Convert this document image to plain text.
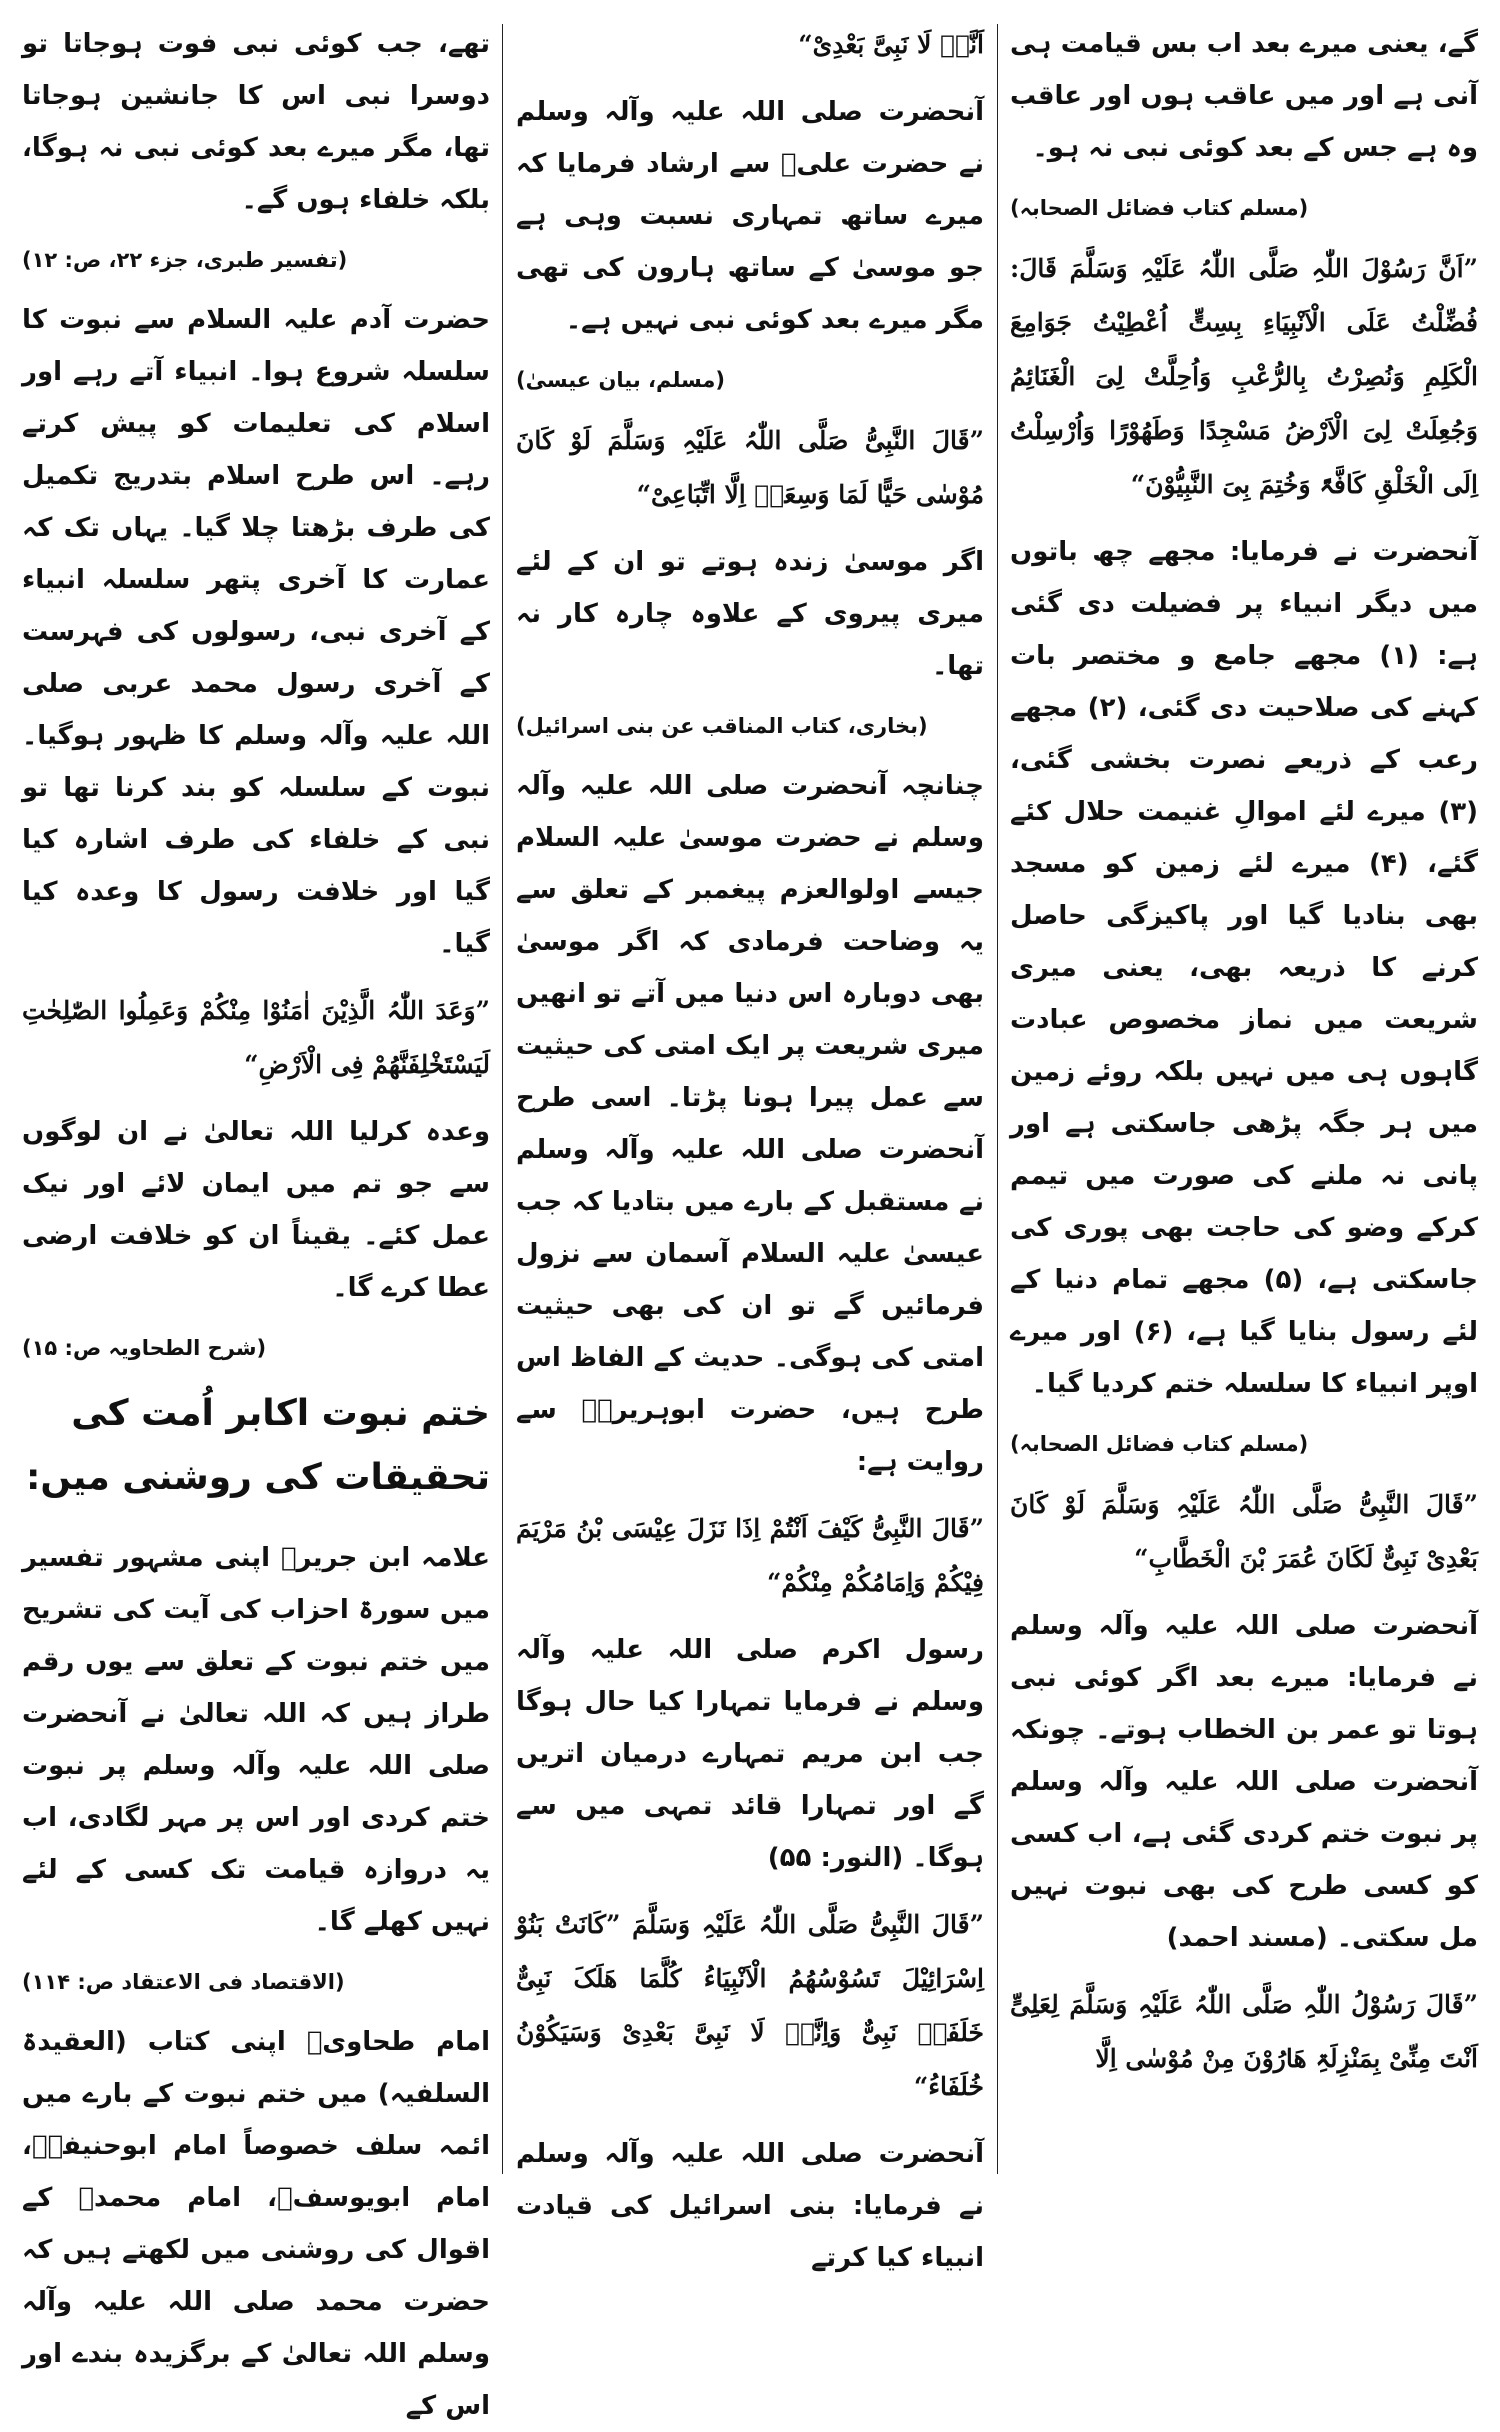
گے، یعنی میرے بعد اب بس قیامت ہی آنی ہے اور میں عاقب ہوں اور عاقب وہ ہے جس کے بعد کوئی نبی نہ ہو۔

(مسلم کتاب فضائل الصحابہ)

”اَنَّ رَسُوْلَ اللّٰہِ صَلَّی اللّٰہُ عَلَیْہِ وَسَلَّمَ قَالَ: فُضِّلْتُ عَلَی الْاَنْبِیَاءِ بِسِتٍّ اُعْطِیْتُ جَوَامِعَ الْکَلِمِ وَنُصِرْتُ بِالرُّعْبِ وَاُحِلَّتْ لِیَ الْغَنَائِمُ وَجُعِلَتْ لِیَ الْاَرْضُ مَسْجِدًا وَطَھُوْرًا وَاُرْسِلْتُ اِلَی الْخَلْقِ کَافَّۃً وَخُتِمَ بِیَ النَّبِیُّوْنَ“

آنحضرت نے فرمایا: مجھے چھ باتوں میں دیگر انبیاء پر فضیلت دی گئی ہے: (۱) مجھے جامع و مختصر بات کہنے کی صلاحیت دی گئی، (۲) مجھے رعب کے ذریعے نصرت بخشی گئی، (۳) میرے لئے اموالِ غنیمت حلال کئے گئے، (۴) میرے لئے زمین کو مسجد بھی بنادیا گیا اور پاکیزگی حاصل کرنے کا ذریعہ بھی، یعنی میری شریعت میں نماز مخصوص عبادت گاہوں ہی میں نہیں بلکہ روئے زمین میں ہر جگہ پڑھی جاسکتی ہے اور پانی نہ ملنے کی صورت میں تیمم کرکے وضو کی حاجت بھی پوری کی جاسکتی ہے، (۵) مجھے تمام دنیا کے لئے رسول بنایا گیا ہے، (۶) اور میرے اوپر انبیاء کا سلسلہ ختم کردیا گیا۔

(مسلم کتاب فضائل الصحابہ)

”قَالَ النَّبِیُّ صَلَّی اللّٰہُ عَلَیْہِ وَسَلَّمَ لَوْ کَانَ بَعْدِیْ نَبِیٌّ لَکَانَ عُمَرَ بْنَ الْخَطَّابِ“

آنحضرت صلی اللہ علیہ وآلہ وسلم نے فرمایا: میرے بعد اگر کوئی نبی ہوتا تو عمر بن الخطاب ہوتے۔ چونکہ آنحضرت صلی اللہ علیہ وآلہ وسلم پر نبوت ختم کردی گئی ہے، اب کسی کو کسی طرح کی بھی نبوت نہیں مل سکتی۔ (مسند احمد)

”قَالَ رَسُوْلُ اللّٰہِ صَلَّی اللّٰہُ عَلَیْہِ وَسَلَّمَ لِعَلِیٍّ اَنْتَ مِنِّیْ بِمَنْزِلَۃِ ھَارُوْنَ مِنْ مُوْسٰی اِلَّا

اَنَّہٗ لَا نَبِیَّ بَعْدِیْ“

آنحضرت صلی اللہ علیہ وآلہ وسلم نے حضرت علیؓ سے ارشاد فرمایا کہ میرے ساتھ تمہاری نسبت وہی ہے جو موسیٰ کے ساتھ ہارون کی تھی مگر میرے بعد کوئی نبی نہیں ہے۔

(مسلم، بیان عیسیٰ)

”قَالَ النَّبِیُّ صَلَّی اللّٰہُ عَلَیْہِ وَسَلَّمَ لَوْ کَانَ مُوْسٰی حَیًّا لَمَا وَسِعَہٗ اِلَّا اتِّبَاعِیْ“

اگر موسیٰ زندہ ہوتے تو ان کے لئے میری پیروی کے علاوہ چارہ کار نہ تھا۔

(بخاری، کتاب المناقب عن بنی اسرائیل)

چنانچہ آنحضرت صلی اللہ علیہ وآلہ وسلم نے حضرت موسیٰ علیہ السلام جیسے اولوالعزم پیغمبر کے تعلق سے یہ وضاحت فرمادی کہ اگر موسیٰ بھی دوبارہ اس دنیا میں آتے تو انھیں میری شریعت پر ایک امتی کی حیثیت سے عمل پیرا ہونا پڑتا۔ اسی طرح آنحضرت صلی اللہ علیہ وآلہ وسلم نے مستقبل کے بارے میں بتادیا کہ جب عیسیٰ علیہ السلام آسمان سے نزول فرمائیں گے تو ان کی بھی حیثیت امتی کی ہوگی۔ حدیث کے الفاظ اس طرح ہیں، حضرت ابوہریرہؓ سے روایت ہے:

”قَالَ النَّبِیُّ کَیْفَ اَنْتُمْ اِذَا نَزَلَ عِیْسَی بْنُ مَرْیَمَ فِیْکُمْ وَاِمَامُکُمْ مِنْکُمْ“

رسول اکرم صلی اللہ علیہ وآلہ وسلم نے فرمایا تمہارا کیا حال ہوگا جب ابن مریم تمہارے درمیان اتریں گے اور تمہارا قائد تمہی میں سے ہوگا۔ (النور: ۵۵)

”قَالَ النَّبِیُّ صَلَّی اللّٰہُ عَلَیْہِ وَسَلَّمَ ”کَانَتْ بَنُوْ اِسْرَائِیْلَ تَسُوْسُھُمُ الْاَنْبِیَاءُ کُلَّمَا ھَلَکَ نَبِیٌّ خَلَفَہٗ نَبِیٌّ وَاِنَّہٗ لَا نَبِیَّ بَعْدِیْ وَسَیَکُوْنُ خُلَفَاءُ“

آنحضرت صلی اللہ علیہ وآلہ وسلم نے فرمایا: بنی اسرائیل کی قیادت انبیاء کیا کرتے

تھے، جب کوئی نبی فوت ہوجاتا تو دوسرا نبی اس کا جانشین ہوجاتا تھا، مگر میرے بعد کوئی نبی نہ ہوگا، بلکہ خلفاء ہوں گے۔

(تفسیر طبری، جزء ۲۲، ص: ۱۲)

حضرت آدم علیہ السلام سے نبوت کا سلسلہ شروع ہوا۔ انبیاء آتے رہے اور اسلام کی تعلیمات کو پیش کرتے رہے۔ اس طرح اسلام بتدریج تکمیل کی طرف بڑھتا چلا گیا۔ یہاں تک کہ عمارت کا آخری پتھر سلسلہ انبیاء کے آخری نبی، رسولوں کی فہرست کے آخری رسول محمد عربی صلی اللہ علیہ وآلہ وسلم کا ظہور ہوگیا۔ نبوت کے سلسلہ کو بند کرنا تھا تو نبی کے خلفاء کی طرف اشارہ کیا گیا اور خلافت رسول کا وعدہ کیا گیا۔

”وَعَدَ اللّٰہُ الَّذِیْنَ اٰمَنُوْا مِنْکُمْ وَعَمِلُوا الصّٰلِحٰتِ لَیَسْتَخْلِفَنَّھُمْ فِی الْاَرْضِ“

وعدہ کرلیا اللہ تعالیٰ نے ان لوگوں سے جو تم میں ایمان لائے اور نیک عمل کئے۔ یقیناً ان کو خلافت ارضی عطا کرے گا۔

(شرح الطحاویہ ص: ۱۵)

ختم نبوت اکابر اُمت کی تحقیقات کی روشنی میں:

علامہ ابن جریرؒ اپنی مشہور تفسیر میں سورۃ احزاب کی آیت کی تشریح میں ختم نبوت کے تعلق سے یوں رقم طراز ہیں کہ اللہ تعالیٰ نے آنحضرت صلی اللہ علیہ وآلہ وسلم پر نبوت ختم کردی اور اس پر مہر لگادی، اب یہ دروازہ قیامت تک کسی کے لئے نہیں کھلے گا۔

(الاقتصاد فی الاعتقاد ص: ۱۱۴)

امام طحاویؒ اپنی کتاب (العقیدۃ السلفیہ) میں ختم نبوت کے بارے میں ائمہ سلف خصوصاً امام ابوحنیفہؒ، امام ابویوسفؒ، امام محمدؒ کے اقوال کی روشنی میں لکھتے ہیں کہ حضرت محمد صلی اللہ علیہ وآلہ وسلم اللہ تعالیٰ کے برگزیدہ بندے اور اس کے
